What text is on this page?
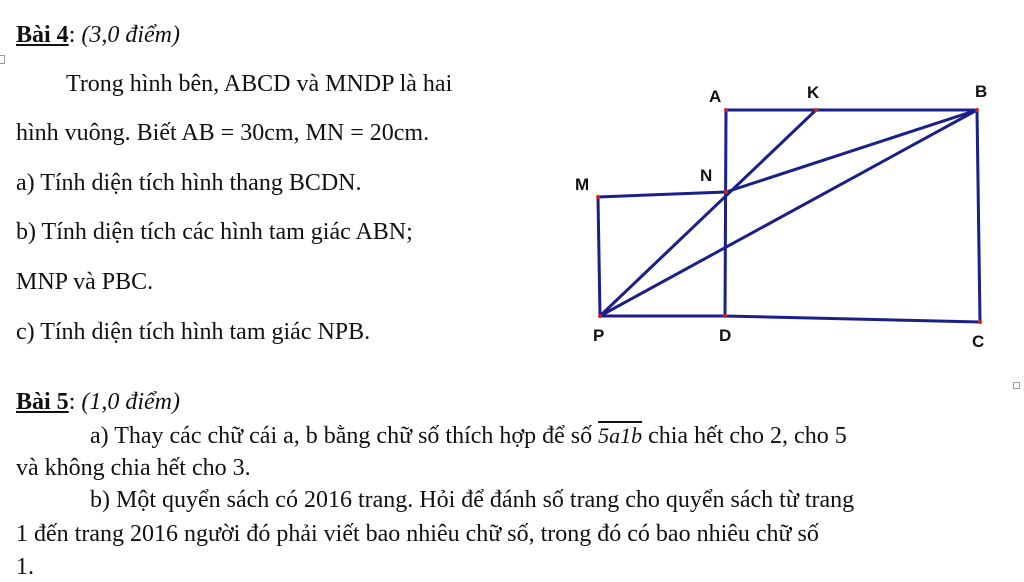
Bài 4: (3,0 điểm)
Trong hình bên, ABCD và MNDP là hai
hình vuông. Biết AB = 30cm, MN = 20cm.
a) Tính diện tích hình thang BCDN.
b) Tính diện tích các hình tam giác ABN;
MNP và PBC.
c) Tính diện tích hình tam giác NPB.
A	K	B
M	N
P	D	C
Bài 5: (1,0 điểm)
a) Thay các chữ cái a, b bằng chữ số thích hợp để số 5a1b chia hết cho 2, cho 5
và không chia hết cho 3.
b) Một quyển sách có 2016 trang. Hỏi để đánh số trang cho quyển sách từ trang
1 đến trang 2016 người đó phải viết bao nhiêu chữ số, trong đó có bao nhiêu chữ số
1.
